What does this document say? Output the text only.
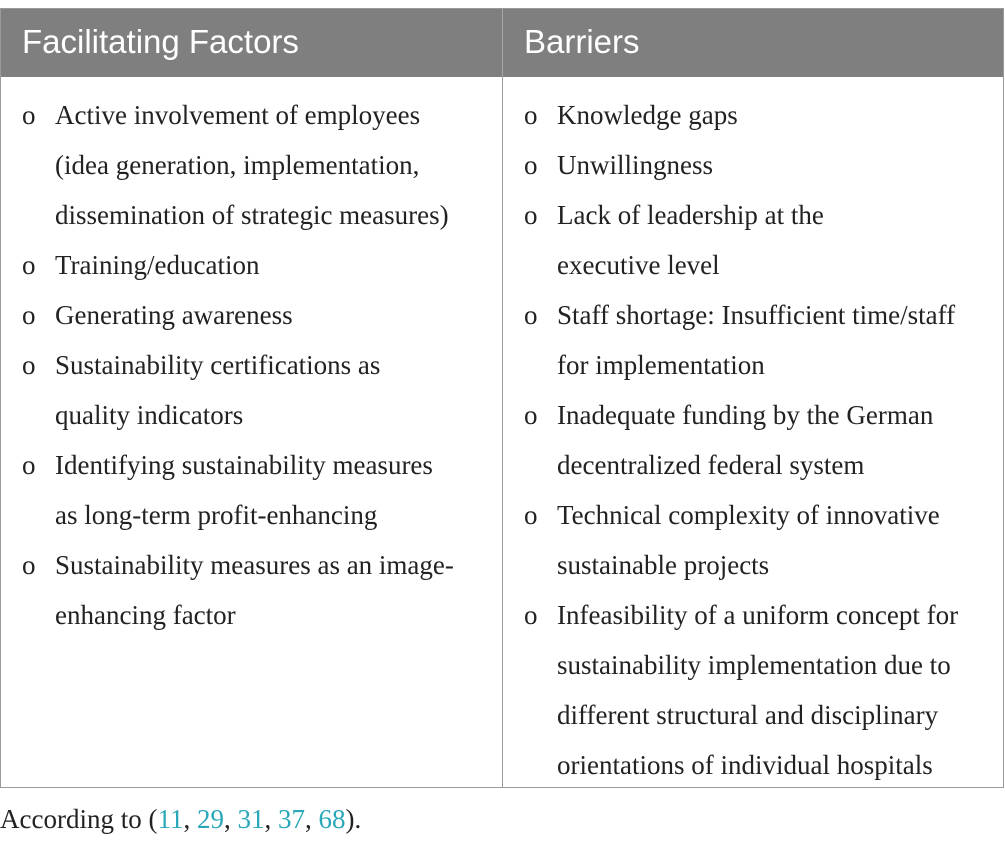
Facilitating Factors	Barriers
o Active involvement of employees
(idea generation, implementation,
dissemination of strategic measures)
o Training/education
o Generating awareness
o Sustainability certifications as
quality indicators
o Identifying sustainability measures
as long-term profit-enhancing
o Sustainability measures as an image-
enhancing factor
o Knowledge gaps
o Unwillingness
o Lack of leadership at the
executive level
o Staff shortage: Insufficient time/staff
for implementation
o Inadequate funding by the German
decentralized federal system
o Technical complexity of innovative
sustainable projects
o Infeasibility of a uniform concept for
sustainability implementation due to
different structural and disciplinary
orientations of individual hospitals
According to (11, 29, 31, 37, 68).
